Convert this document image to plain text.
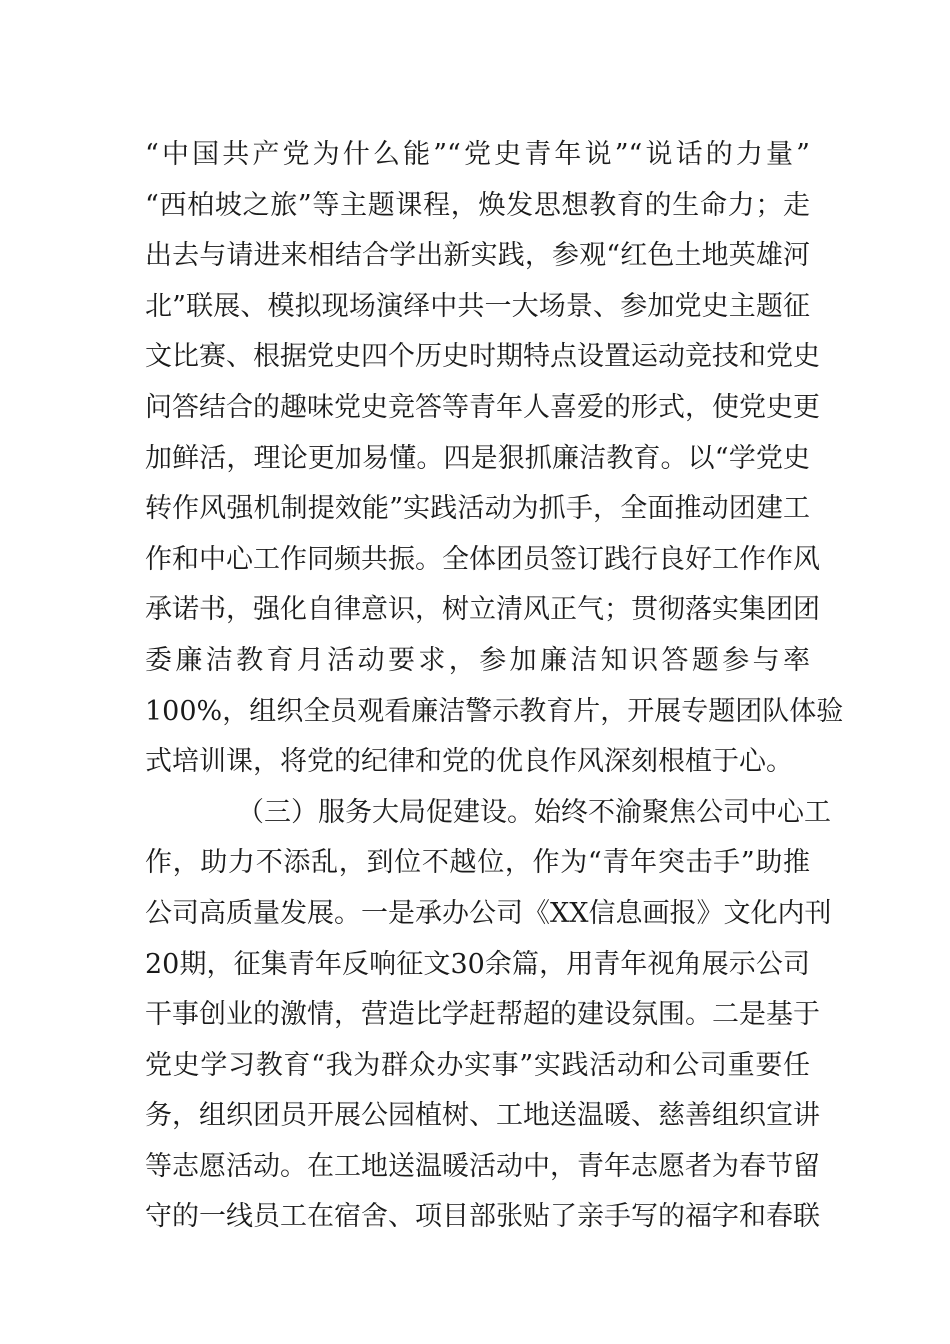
“中国共产党为什么能”“党史青年说”“说话的力量”
“西柏坡之旅”等主题课程，焕发思想教育的生命力；走
出去与请进来相结合学出新实践，参观“红色土地英雄河
北”联展、模拟现场演绎中共一大场景、参加党史主题征
文比赛、根据党史四个历史时期特点设置运动竞技和党史
问答结合的趣味党史竞答等青年人喜爱的形式，使党史更
加鲜活，理论更加易懂。四是狠抓廉洁教育。以“学党史
转作风强机制提效能”实践活动为抓手，全面推动团建工
作和中心工作同频共振。全体团员签订践行良好工作作风
承诺书，强化自律意识，树立清风正气；贯彻落实集团团
委廉洁教育月活动要求，参加廉洁知识答题参与率
100%，组织全员观看廉洁警示教育片，开展专题团队体验
式培训课，将党的纪律和党的优良作风深刻根植于心。
（三）服务大局促建设。始终不渝聚焦公司中心工
作，助力不添乱，到位不越位，作为“青年突击手”助推
公司高质量发展。一是承办公司《XX信息画报》文化内刊
20期，征集青年反响征文30余篇，用青年视角展示公司
干事创业的激情，营造比学赶帮超的建设氛围。二是基于
党史学习教育“我为群众办实事”实践活动和公司重要任
务，组织团员开展公园植树、工地送温暖、慈善组织宣讲
等志愿活动。在工地送温暖活动中，青年志愿者为春节留
守的一线员工在宿舍、项目部张贴了亲手写的福字和春联
